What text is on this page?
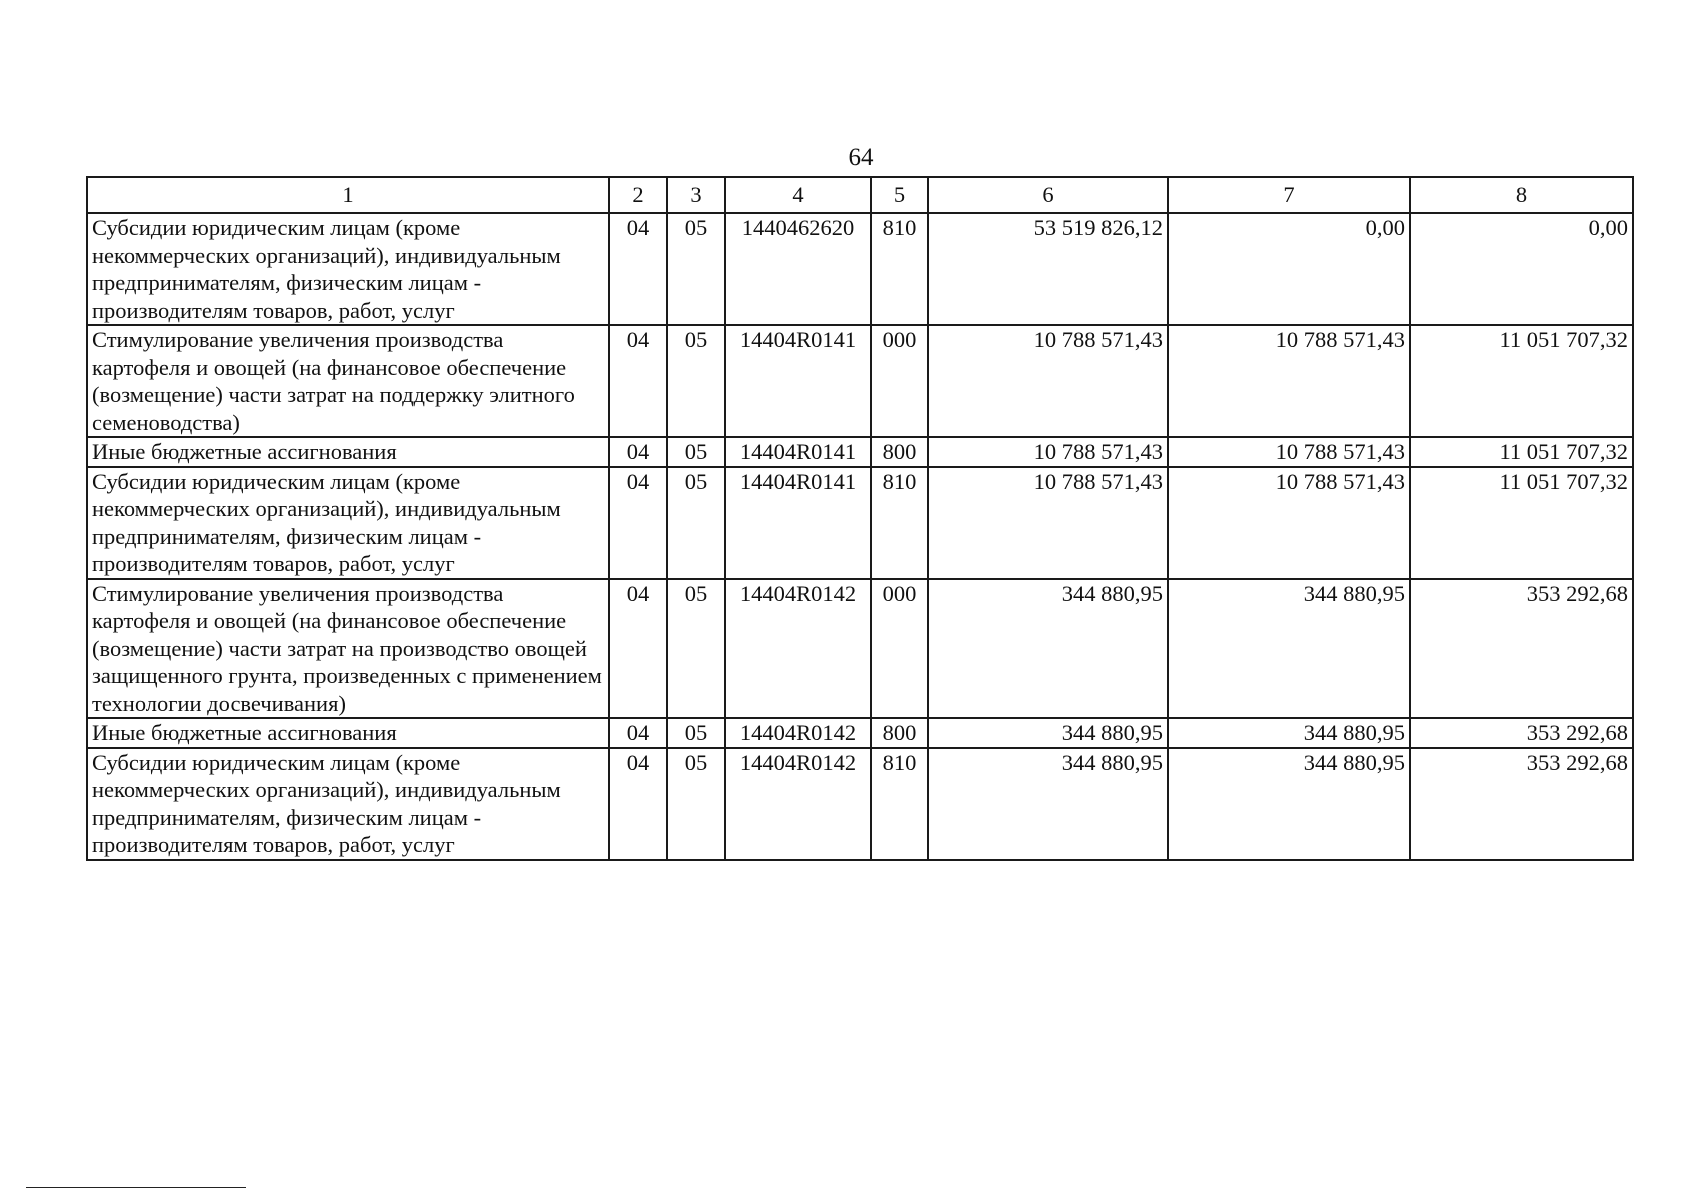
64
1	2	3	4	5	6	7	8
Субсидии юридическим лицам (кроме некоммерческих организаций), индивидуальным предпринимателям, физическим лицам - производителям товаров, работ, услуг	04	05	1440462620	810	53 519 826,12	0,00	0,00
Стимулирование увеличения производства картофеля и овощей (на финансовое обеспечение (возмещение) части затрат на поддержку элитного семеноводства)	04	05	14404R0141	000	10 788 571,43	10 788 571,43	11 051 707,32
Иные бюджетные ассигнования	04	05	14404R0141	800	10 788 571,43	10 788 571,43	11 051 707,32
Субсидии юридическим лицам (кроме некоммерческих организаций), индивидуальным предпринимателям, физическим лицам - производителям товаров, работ, услуг	04	05	14404R0141	810	10 788 571,43	10 788 571,43	11 051 707,32
Стимулирование увеличения производства картофеля и овощей (на финансовое обеспечение (возмещение) части затрат на производство овощей защищенного грунта, произведенных с применением технологии досвечивания)	04	05	14404R0142	000	344 880,95	344 880,95	353 292,68
Иные бюджетные ассигнования	04	05	14404R0142	800	344 880,95	344 880,95	353 292,68
Субсидии юридическим лицам (кроме некоммерческих организаций), индивидуальным предпринимателям, физическим лицам - производителям товаров, работ, услуг	04	05	14404R0142	810	344 880,95	344 880,95	353 292,68
